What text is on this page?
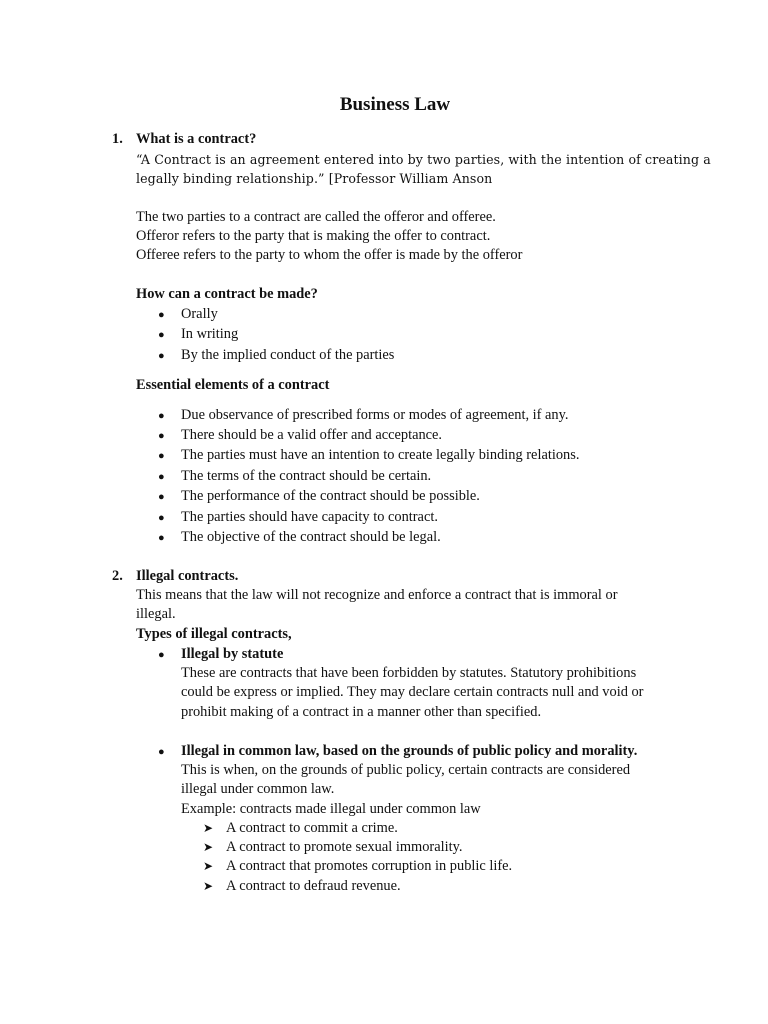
Business Law
1. What is a contract?
“A Contract is an agreement entered into by two parties, with the intention of creating a
legally binding relationship.” [Professor William Anson
The two parties to a contract are called the offeror and offeree.
Offeror refers to the party that is making the offer to contract.
Offeree refers to the party to whom the offer is made by the offeror
How can a contract be made?
● Orally
● In writing
● By the implied conduct of the parties
Essential elements of a contract
● Due observance of prescribed forms or modes of agreement, if any.
● There should be a valid offer and acceptance.
● The parties must have an intention to create legally binding relations.
● The terms of the contract should be certain.
● The performance of the contract should be possible.
● The parties should have capacity to contract.
● The objective of the contract should be legal.
2. Illegal contracts.
This means that the law will not recognize and enforce a contract that is immoral or
illegal.
Types of illegal contracts,
● Illegal by statute
These are contracts that have been forbidden by statutes. Statutory prohibitions
could be express or implied. They may declare certain contracts null and void or
prohibit making of a contract in a manner other than specified.
● Illegal in common law, based on the grounds of public policy and morality.
This is when, on the grounds of public policy, certain contracts are considered
illegal under common law.
Example: contracts made illegal under common law
➤ A contract to commit a crime.
➤ A contract to promote sexual immorality.
➤ A contract that promotes corruption in public life.
➤ A contract to defraud revenue.
